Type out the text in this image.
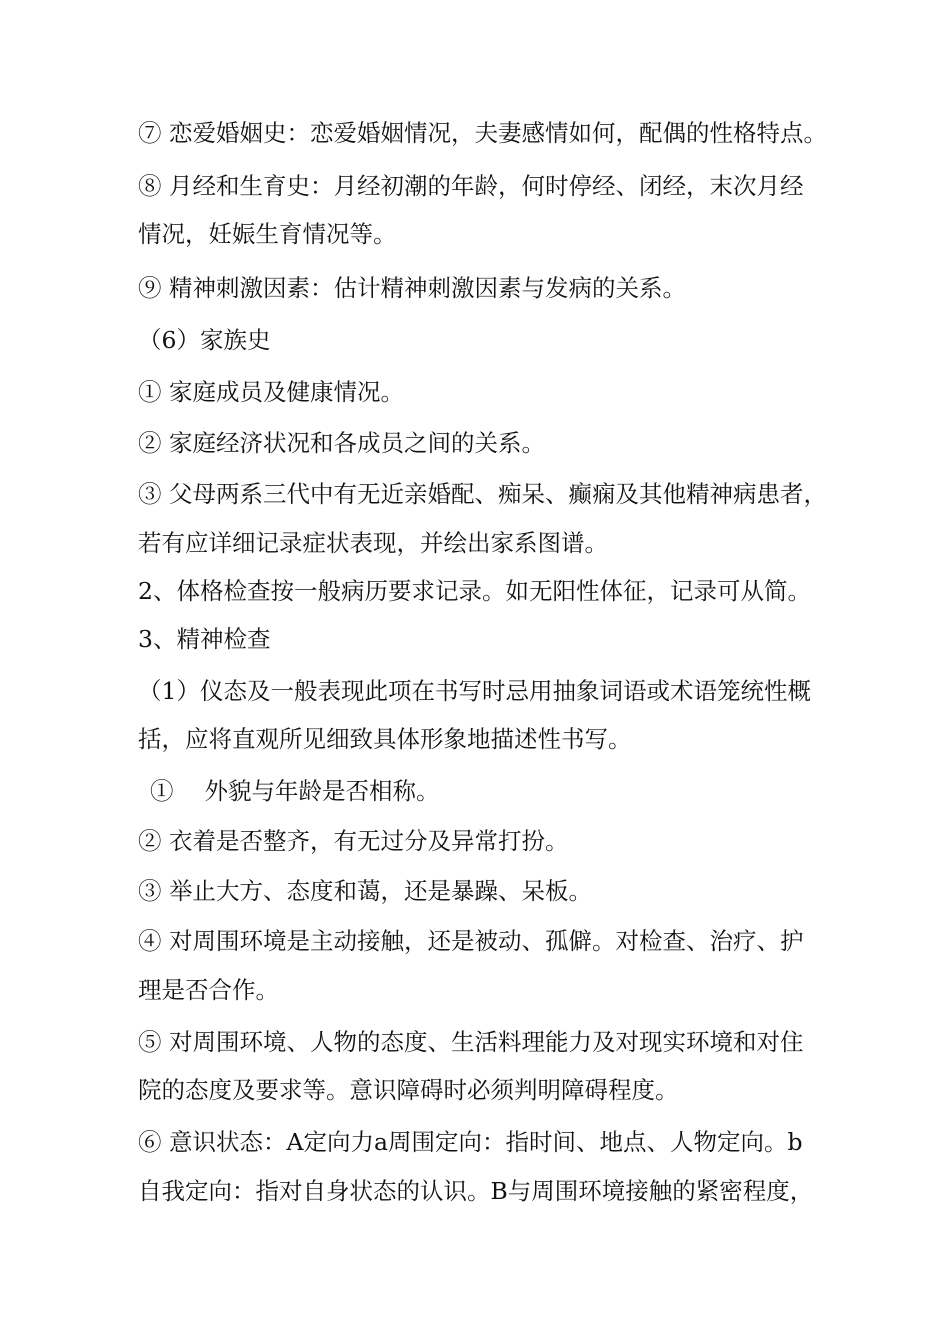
⑦ 恋爱婚姻史：恋爱婚姻情况，夫妻感情如何，配偶的性格特点。
⑧ 月经和生育史：月经初潮的年龄，何时停经、闭经，末次月经
情况，妊娠生育情况等。
⑨ 精神刺激因素：估计精神刺激因素与发病的关系。
（6）家族史
① 家庭成员及健康情况。
② 家庭经济状况和各成员之间的关系。
③ 父母两系三代中有无近亲婚配、痴呆、癫痫及其他精神病患者，
若有应详细记录症状表现，并绘出家系图谱。
2、体格检查按一般病历要求记录。如无阳性体征，记录可从简。
3、精神检查
（1）仪态及一般表现此项在书写时忌用抽象词语或术语笼统性概
括，应将直观所见细致具体形象地描述性书写。
①　 外貌与年龄是否相称。
② 衣着是否整齐，有无过分及异常打扮。
③ 举止大方、态度和蔼，还是暴躁、呆板。
④ 对周围环境是主动接触，还是被动、孤僻。对检查、治疗、护
理是否合作。
⑤ 对周围环境、人物的态度、生活料理能力及对现实环境和对住
院的态度及要求等。意识障碍时必须判明障碍程度。
⑥ 意识状态：A定向力a周围定向：指时间、地点、人物定向。b
自我定向：指对自身状态的认识。B与周围环境接触的紧密程度，
